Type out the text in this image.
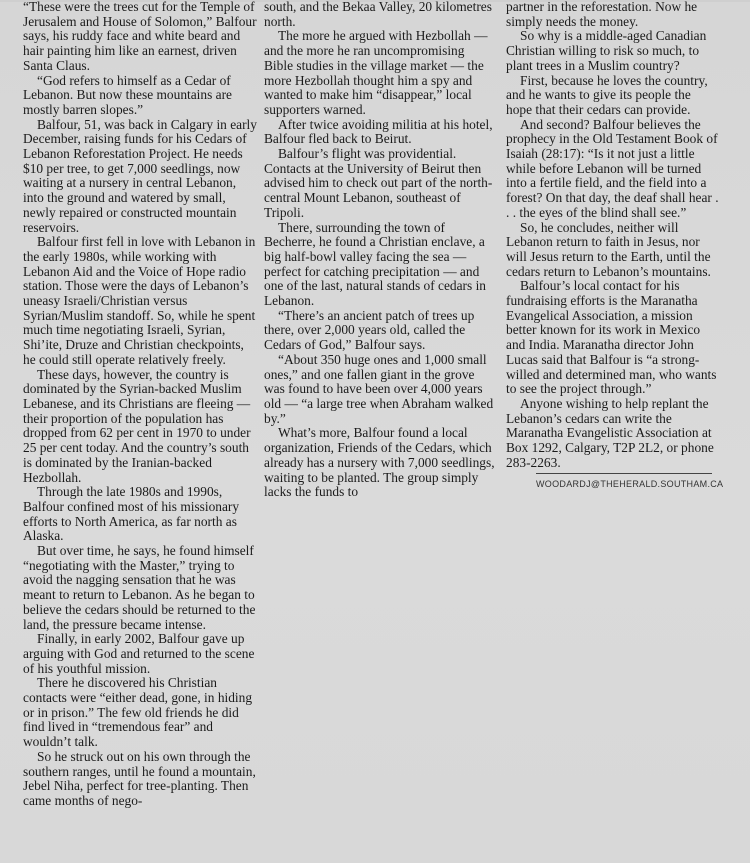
“These were the trees cut for the Temple of Jerusalem and House of Solomon,” Balfour says, his ruddy face and white beard and hair painting him like an earnest, driven Santa Claus.

“God refers to himself as a Cedar of Lebanon. But now these mountains are mostly barren slopes.”

Balfour, 51, was back in Calgary in early December, raising funds for his Cedars of Lebanon Reforestation Project. He needs $10 per tree, to get 7,000 seedlings, now waiting at a nursery in central Lebanon, into the ground and watered by small, newly repaired or constructed mountain reservoirs.

Balfour first fell in love with Lebanon in the early 1980s, while working with Lebanon Aid and the Voice of Hope radio station. Those were the days of Lebanon’s uneasy Israeli/Christian versus Syrian/Muslim standoff. So, while he spent much time negotiating Israeli, Syrian, Shi’ite, Druze and Christian checkpoints, he could still operate relatively freely.

These days, however, the country is dominated by the Syrian-backed Muslim Lebanese, and its Christians are fleeing — their proportion of the population has dropped from 62 per cent in 1970 to under 25 per cent today. And the country’s south is dominated by the Iranian-backed Hezbollah.

Through the late 1980s and 1990s, Balfour confined most of his missionary efforts to North America, as far north as Alaska.

But over time, he says, he found himself “negotiating with the Master,” trying to avoid the nagging sensation that he was meant to return to Lebanon. As he began to believe the cedars should be returned to the land, the pressure became intense.

Finally, in early 2002, Balfour gave up arguing with God and returned to the scene of his youthful mission.

There he discovered his Christian contacts were “either dead, gone, in hiding or in prison.” The few old friends he did find lived in “tremendous fear” and wouldn’t talk.

So he struck out on his own through the southern ranges, until he found a mountain, Jebel Niha, perfect for tree-planting. Then came months of nego-

south, and the Bekaa Valley, 20 kilometres north.

The more he argued with Hezbollah — and the more he ran uncompromising Bible studies in the village market — the more Hezbollah thought him a spy and wanted to make him “disappear,” local supporters warned.

After twice avoiding militia at his hotel, Balfour fled back to Beirut.

Balfour’s flight was providential. Contacts at the University of Beirut then advised him to check out part of the north-central Mount Lebanon, southeast of Tripoli.

There, surrounding the town of Becherre, he found a Christian enclave, a big half-bowl valley facing the sea — perfect for catching precipitation — and one of the last, natural stands of cedars in Lebanon.

“There’s an ancient patch of trees up there, over 2,000 years old, called the Cedars of God,” Balfour says.

“About 350 huge ones and 1,000 small ones,” and one fallen giant in the grove was found to have been over 4,000 years old — “a large tree when Abraham walked by.”

What’s more, Balfour found a local organization, Friends of the Cedars, which already has a nursery with 7,000 seedlings, waiting to be planted. The group simply lacks the funds to

partner in the reforestation. Now he simply needs the money.

So why is a middle-aged Canadian Christian willing to risk so much, to plant trees in a Muslim country?

First, because he loves the country, and he wants to give its people the hope that their cedars can provide.

And second? Balfour believes the prophecy in the Old Testament Book of Isaiah (28:17): “Is it not just a little while before Lebanon will be turned into a fertile field, and the field into a forest? On that day, the deaf shall hear . . . the eyes of the blind shall see.”

So, he concludes, neither will Lebanon return to faith in Jesus, nor will Jesus return to the Earth, until the cedars return to Lebanon’s mountains.

Balfour’s local contact for his fundraising efforts is the Maranatha Evangelical Association, a mission better known for its work in Mexico and India. Maranatha director John Lucas said that Balfour is “a strong-willed and determined man, who wants to see the project through.”

Anyone wishing to help replant the Lebanon’s cedars can write the Maranatha Evangelistic Association at Box 1292, Calgary, T2P 2L2, or phone 283-2263.

WOODARDJ@THEHERALD.SOUTHAM.CA
